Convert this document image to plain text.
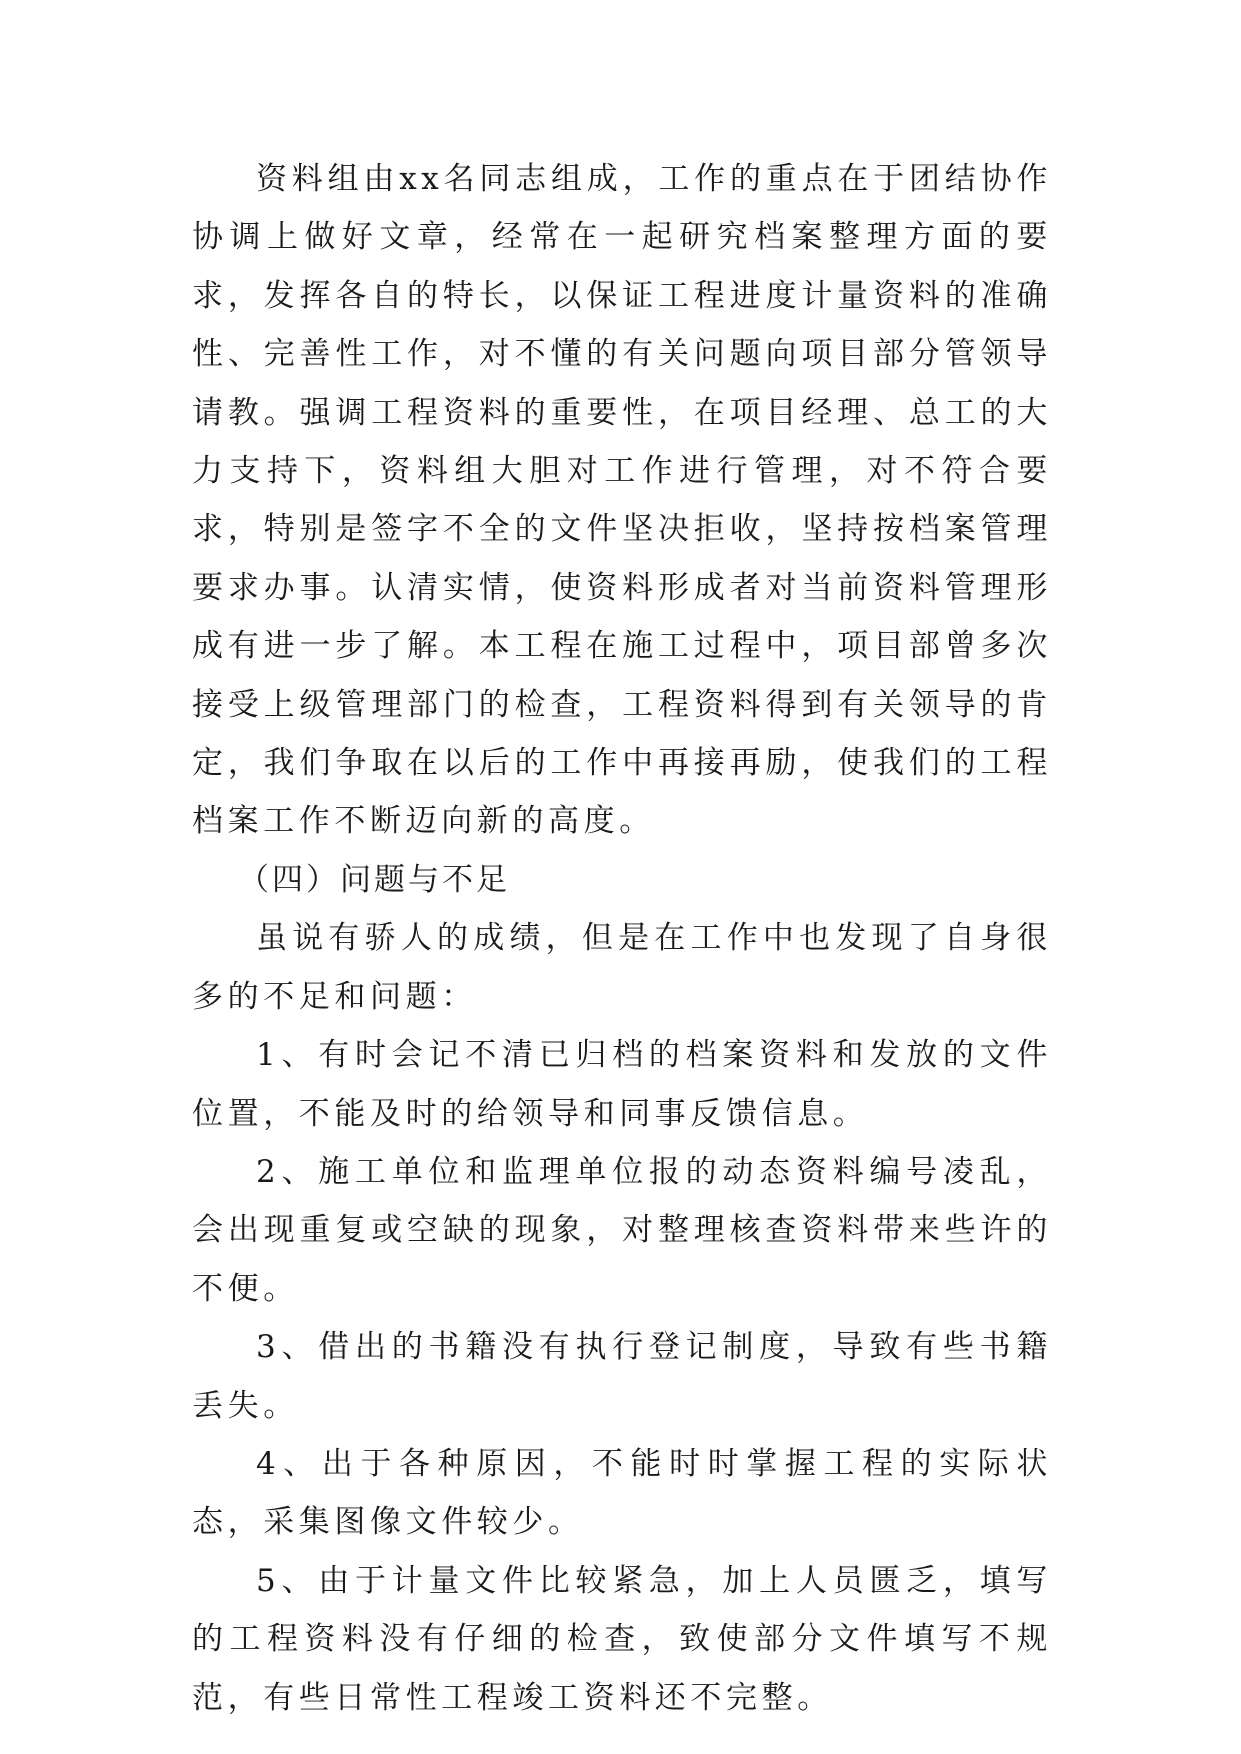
资料组由xx名同志组成，工作的重点在于团结协作协调上做好文章，经常在一起研究档案整理方面的要求，发挥各自的特长，以保证工程进度计量资料的准确性、完善性工作，对不懂的有关问题向项目部分管领导请教。强调工程资料的重要性，在项目经理、总工的大力支持下，资料组大胆对工作进行管理，对不符合要求，特别是签字不全的文件坚决拒收，坚持按档案管理要求办事。认清实情，使资料形成者对当前资料管理形成有进一步了解。本工程在施工过程中，项目部曾多次接受上级管理部门的检查，工程资料得到有关领导的肯定，我们争取在以后的工作中再接再励，使我们的工程档案工作不断迈向新的高度。

（四）问题与不足

虽说有骄人的成绩，但是在工作中也发现了自身很多的不足和问题：

1、有时会记不清已归档的档案资料和发放的文件位置，不能及时的给领导和同事反馈信息。

2、施工单位和监理单位报的动态资料编号凌乱，会出现重复或空缺的现象，对整理核查资料带来些许的不便。

3、借出的书籍没有执行登记制度，导致有些书籍丢失。

4、出于各种原因，不能时时掌握工程的实际状态，采集图像文件较少。

5、由于计量文件比较紧急，加上人员匮乏，填写的工程资料没有仔细的检查，致使部分文件填写不规范，有些日常性工程竣工资料还不完整。
